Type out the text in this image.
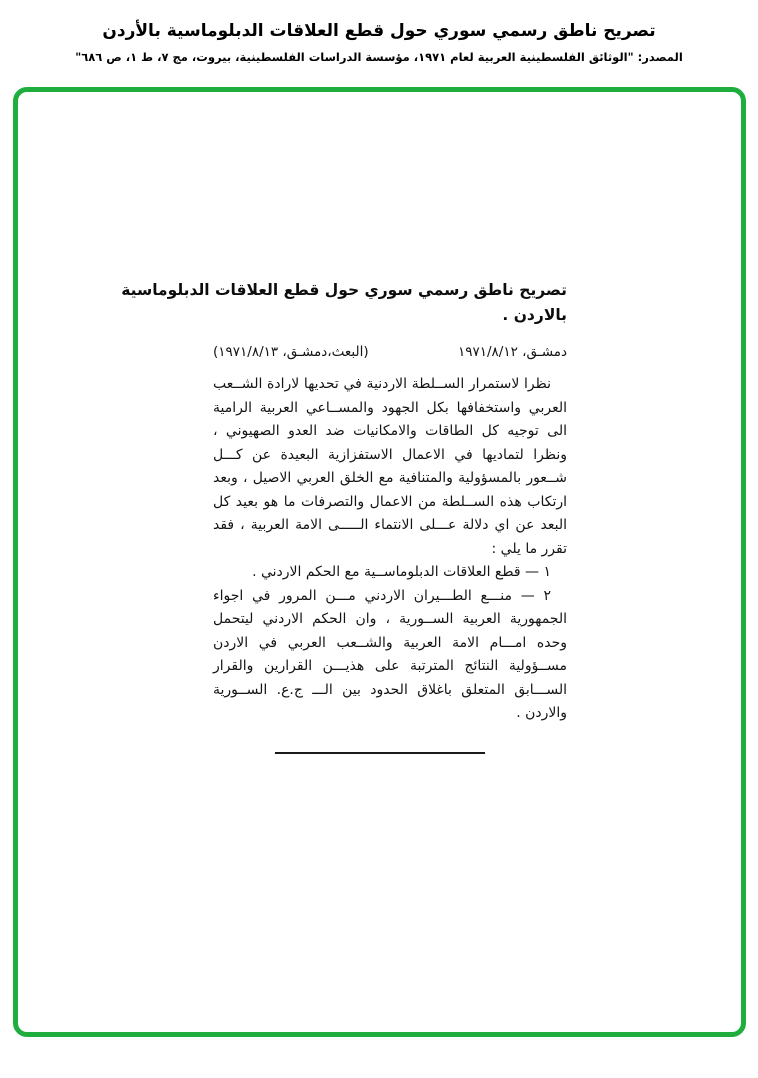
تصريح ناطق رسمي سوري حول قطع العلاقات الدبلوماسية بالأردن
المصدر: "الوثائق الفلسطينية العربية لعام ١٩٧١، مؤسسة الدراسات الفلسطينية، بيروت، مج ٧، ط ١، ص ٦٨٦"
تصريح ناطق رسمي سوري حول قطع العلاقات الدبلوماسية
بالاردن .
دمشـق، ١٩٧١/٨/١٢
(البعث،دمشـق، ١٩٧١/٨/١٣)
نظرا لاستمرار الســلطة الاردنية في تحديها لارادة الشــعب العربي واستخفافها بكل الجهود والمســاعي العربية الرامية الى توجيه كل الطاقات والامكانيات ضد العدو الصهيوني ، ونظرا لتماديها في الاعمال الاستفزازية البعيدة عن كـــل شــعور بالمسؤولية والمتنافية مع الخلق العربي الاصيل ، وبعد ارتكاب هذه الســلطة من الاعمال والتصرفات ما هو بعيد كل البعد عن اي دلالة عـــلى الانتماء الـــــى الامة العربية ، فقد تقرر ما يلي :
١ — قطع العلاقات الدبلوماســية مع الحكم الاردني .
٢ — منـــع الطـــيران الاردني مـــن المرور في اجواء الجمهورية العربية الســورية ، وان الحكم الاردني ليتحمل وحده امـــام الامة العربية والشــعب العربي في الاردن مســؤولية النتائج المترتبة على هذيـــن القرارين والقرار الســـابق المتعلق باغلاق الحدود بين الـــ ج.ع. الســورية والاردن .
